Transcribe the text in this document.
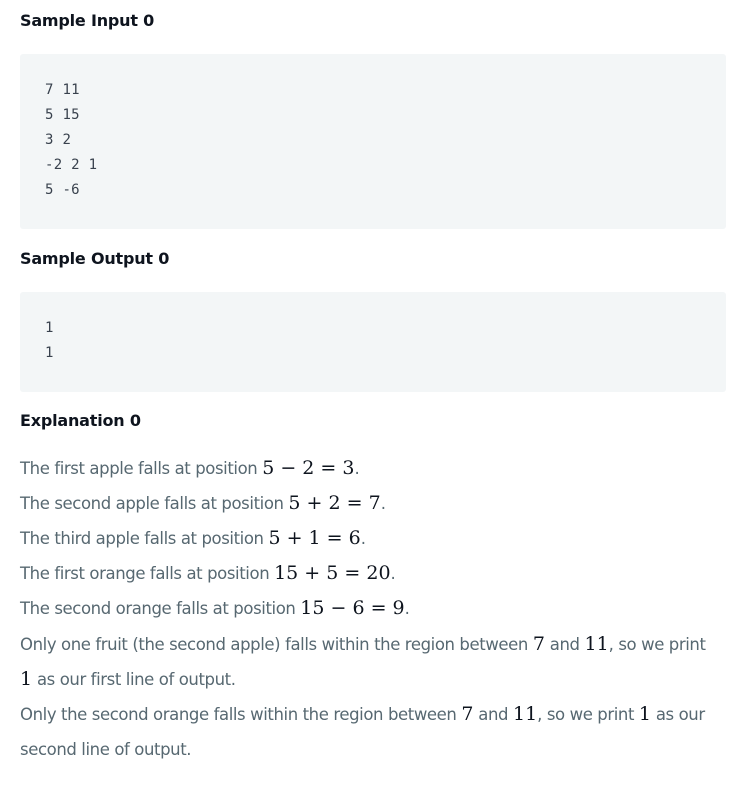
Sample Input 0
7 11
5 15
3 2
-2 2 1
5 -6
Sample Output 0
1
1
Explanation 0
The first apple falls at position 5 − 2 = 3.
The second apple falls at position 5 + 2 = 7.
The third apple falls at position 5 + 1 = 6.
The first orange falls at position 15 + 5 = 20.
The second orange falls at position 15 − 6 = 9.
Only one fruit (the second apple) falls within the region between 7 and 11, so we print
1 as our first line of output.
Only the second orange falls within the region between 7 and 11, so we print 1 as our
second line of output.
